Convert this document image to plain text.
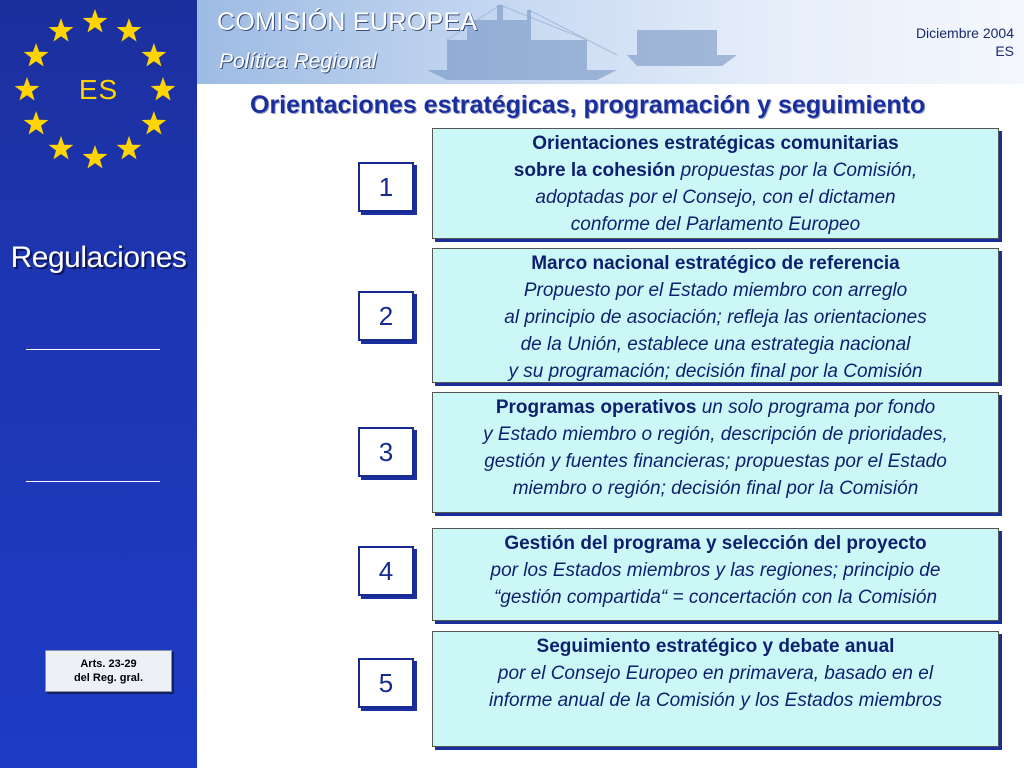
ES
Regulaciones
Arts. 23-29
del Reg. gral.
COMISIÓN EUROPEA
Política Regional
Diciembre 2004
ES
Orientaciones estratégicas, programación y seguimiento
1
Orientaciones estratégicas comunitarias
sobre la cohesión propuestas por la Comisión,
adoptadas por el Consejo, con el dictamen
conforme del Parlamento Europeo
2
Marco nacional estratégico de referencia
Propuesto por el Estado miembro con arreglo
al principio de asociación; refleja las orientaciones
de la Unión, establece una estrategia nacional
y su programación; decisión final por la Comisión
3
Programas operativos un solo programa por fondo
y Estado miembro o región, descripción de prioridades,
gestión y fuentes financieras; propuestas por el Estado
miembro o región; decisión final por la Comisión
4
Gestión del programa y selección del proyecto
por los Estados miembros y las regiones; principio de
“gestión compartida“ = concertación con la Comisión
5
Seguimiento estratégico y debate anual
por el Consejo Europeo en primavera, basado en el
informe anual de la Comisión y los Estados miembros
